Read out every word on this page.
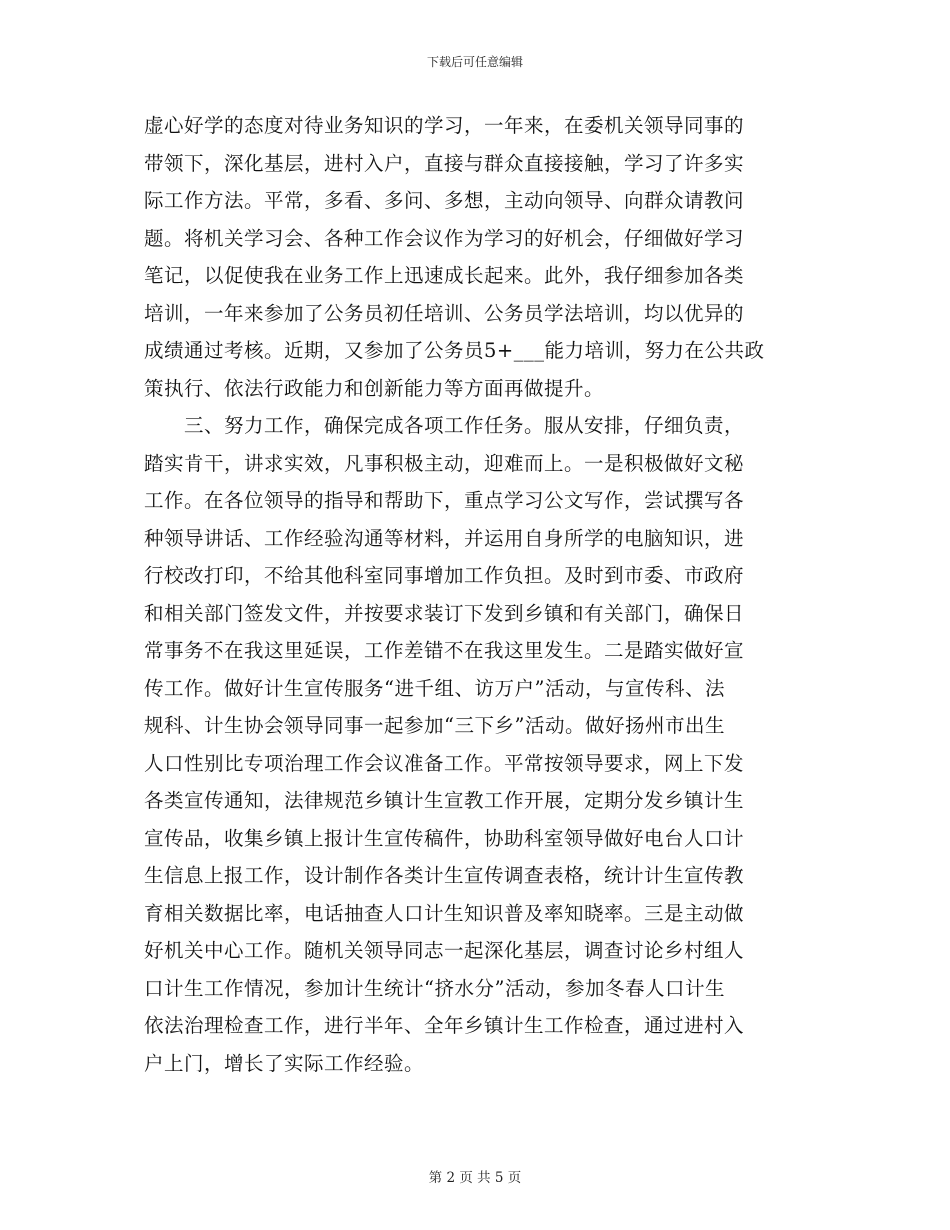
下载后可任意编辑
虚心好学的态度对待业务知识的学习，一年来，在委机关领导同事的
带领下，深化基层，进村入户，直接与群众直接接触，学习了许多实
际工作方法。平常，多看、多问、多想，主动向领导、向群众请教问
题。将机关学习会、各种工作会议作为学习的好机会，仔细做好学习
笔记，以促使我在业务工作上迅速成长起来。此外，我仔细参加各类
培训，一年来参加了公务员初任培训、公务员学法培训，均以优异的
成绩通过考核。近期，又参加了公务员5+___能力培训，努力在公共政
策执行、依法行政能力和创新能力等方面再做提升。
　　三、努力工作，确保完成各项工作任务。服从安排，仔细负责，
踏实肯干，讲求实效，凡事积极主动，迎难而上。一是积极做好文秘
工作。在各位领导的指导和帮助下，重点学习公文写作，尝试撰写各
种领导讲话、工作经验沟通等材料，并运用自身所学的电脑知识，进
行校改打印，不给其他科室同事增加工作负担。及时到市委、市政府
和相关部门签发文件，并按要求装订下发到乡镇和有关部门，确保日
常事务不在我这里延误，工作差错不在我这里发生。二是踏实做好宣
传工作。做好计生宣传服务“进千组、访万户”活动，与宣传科、法
规科、计生协会领导同事一起参加“三下乡”活动。做好扬州市出生
人口性别比专项治理工作会议准备工作。平常按领导要求，网上下发
各类宣传通知，法律规范乡镇计生宣教工作开展，定期分发乡镇计生
宣传品，收集乡镇上报计生宣传稿件，协助科室领导做好电台人口计
生信息上报工作，设计制作各类计生宣传调查表格，统计计生宣传教
育相关数据比率，电话抽查人口计生知识普及率知晓率。三是主动做
好机关中心工作。随机关领导同志一起深化基层，调查讨论乡村组人
口计生工作情况，参加计生统计“挤水分”活动，参加冬春人口计生
依法治理检查工作，进行半年、全年乡镇计生工作检查，通过进村入
户上门，增长了实际工作经验。
第 2 页 共 5 页
